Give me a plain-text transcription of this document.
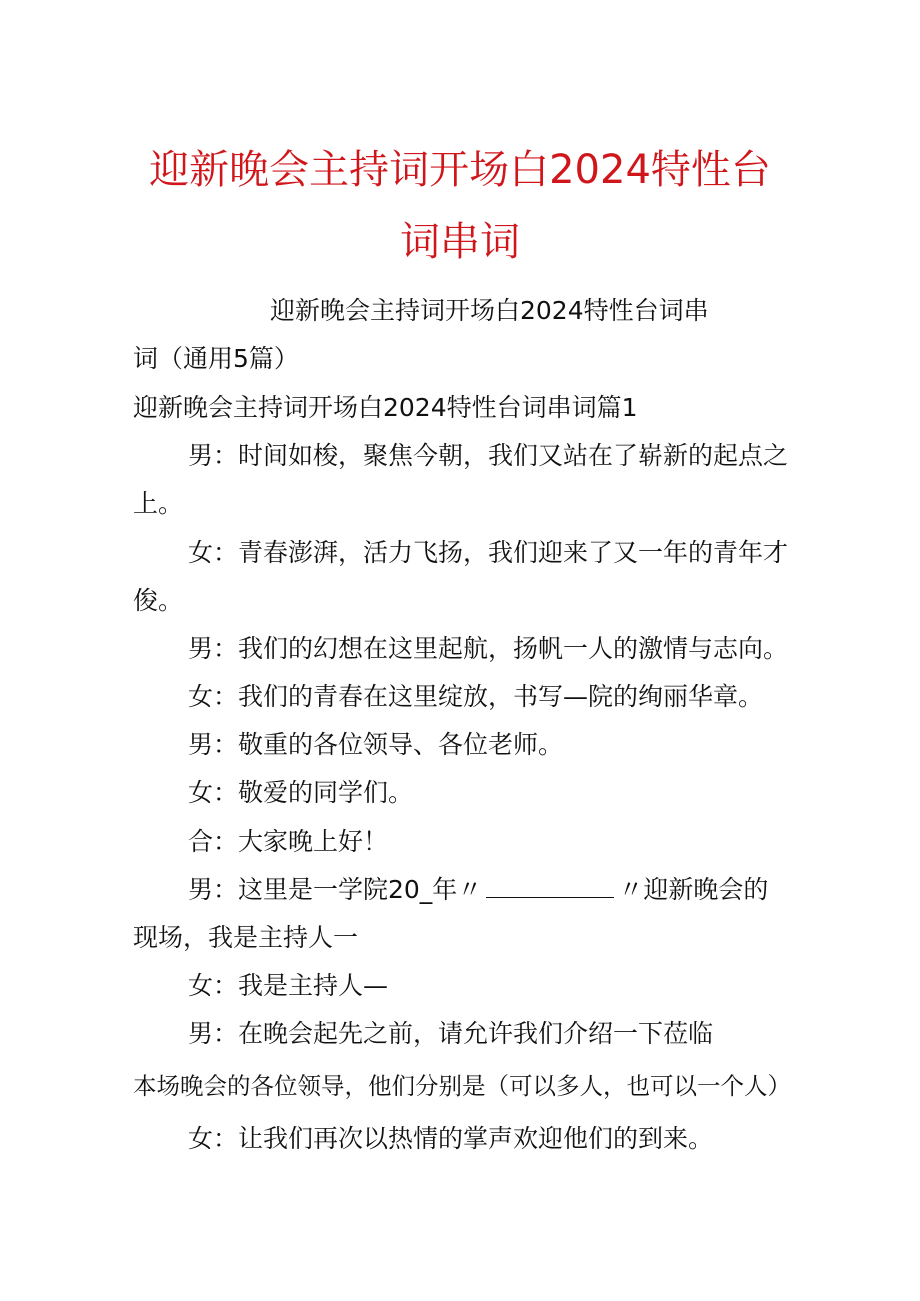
迎新晚会主持词开场白2024特性台
词串词
迎新晚会主持词开场白2024特性台词串
词（通用5篇）
迎新晚会主持词开场白2024特性台词串词篇1
男：时间如梭，聚焦今朝，我们又站在了崭新的起点之
上。
女：青春澎湃，活力飞扬，我们迎来了又一年的青年才
俊。
男：我们的幻想在这里起航，扬帆一人的激情与志向。
女：我们的青春在这里绽放，书写—院的绚丽华章。
男：敬重的各位领导、各位老师。
女：敬爱的同学们。
合：大家晚上好！
男：这里是一学院20_年〃	〃迎新晚会的
现场，我是主持人一
女：我是主持人—
男：在晚会起先之前，请允许我们介绍一下莅临
本场晚会的各位领导，他们分别是（可以多人，也可以一个人）
女：让我们再次以热情的掌声欢迎他们的到来。
